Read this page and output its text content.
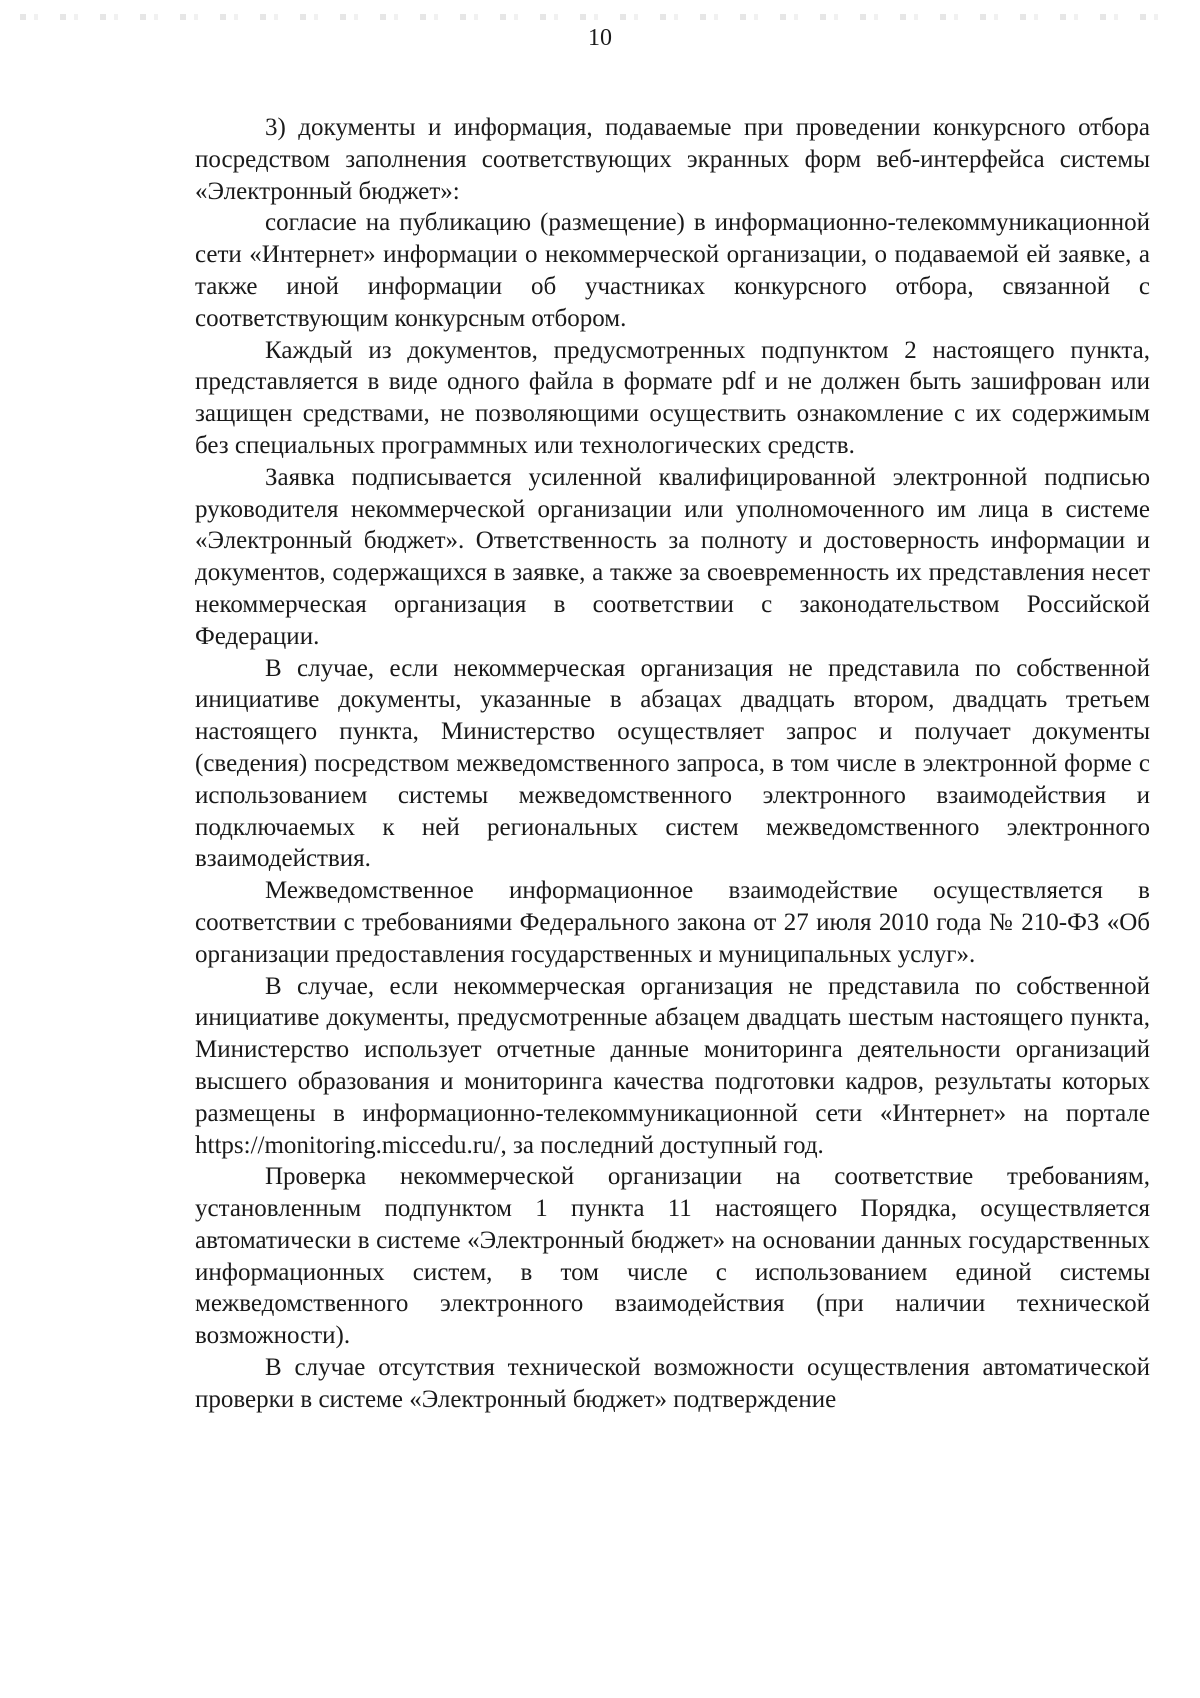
10

3) документы и информация, подаваемые при проведении конкурсного отбора посредством заполнения соответствующих экранных форм веб-интерфейса системы «Электронный бюджет»:

согласие на публикацию (размещение) в информационно-телекоммуникационной сети «Интернет» информации о некоммерческой организации, о подаваемой ей заявке, а также иной информации об участниках конкурсного отбора, связанной с соответствующим конкурсным отбором.

Каждый из документов, предусмотренных подпунктом 2 настоящего пункта, представляется в виде одного файла в формате pdf и не должен быть зашифрован или защищен средствами, не позволяющими осуществить ознакомление с их содержимым без специальных программных или технологических средств.

Заявка подписывается усиленной квалифицированной электронной подписью руководителя некоммерческой организации или уполномоченного им лица в системе «Электронный бюджет». Ответственность за полноту и достоверность информации и документов, содержащихся в заявке, а также за своевременность их представления несет некоммерческая организация в соответствии с законодательством Российской Федерации.

В случае, если некоммерческая организация не представила по собственной инициативе документы, указанные в абзацах двадцать втором, двадцать третьем настоящего пункта, Министерство осуществляет запрос и получает документы (сведения) посредством межведомственного запроса, в том числе в электронной форме с использованием системы межведомственного электронного взаимодействия и подключаемых к ней региональных систем межведомственного электронного взаимодействия.

Межведомственное информационное взаимодействие осуществляется в соответствии с требованиями Федерального закона от 27 июля 2010 года № 210-ФЗ «Об организации предоставления государственных и муниципальных услуг».

В случае, если некоммерческая организация не представила по собственной инициативе документы, предусмотренные абзацем двадцать шестым настоящего пункта, Министерство использует отчетные данные мониторинга деятельности организаций высшего образования и мониторинга качества подготовки кадров, результаты которых размещены в информационно-телекоммуникационной сети «Интернет» на портале https://monitoring.miccedu.ru/, за последний доступный год.

Проверка некоммерческой организации на соответствие требованиям, установленным подпунктом 1 пункта 11 настоящего Порядка, осуществляется автоматически в системе «Электронный бюджет» на основании данных государственных информационных систем, в том числе с использованием единой системы межведомственного электронного взаимодействия (при наличии технической возможности).

В случае отсутствия технической возможности осуществления автоматической проверки в системе «Электронный бюджет» подтверждение
